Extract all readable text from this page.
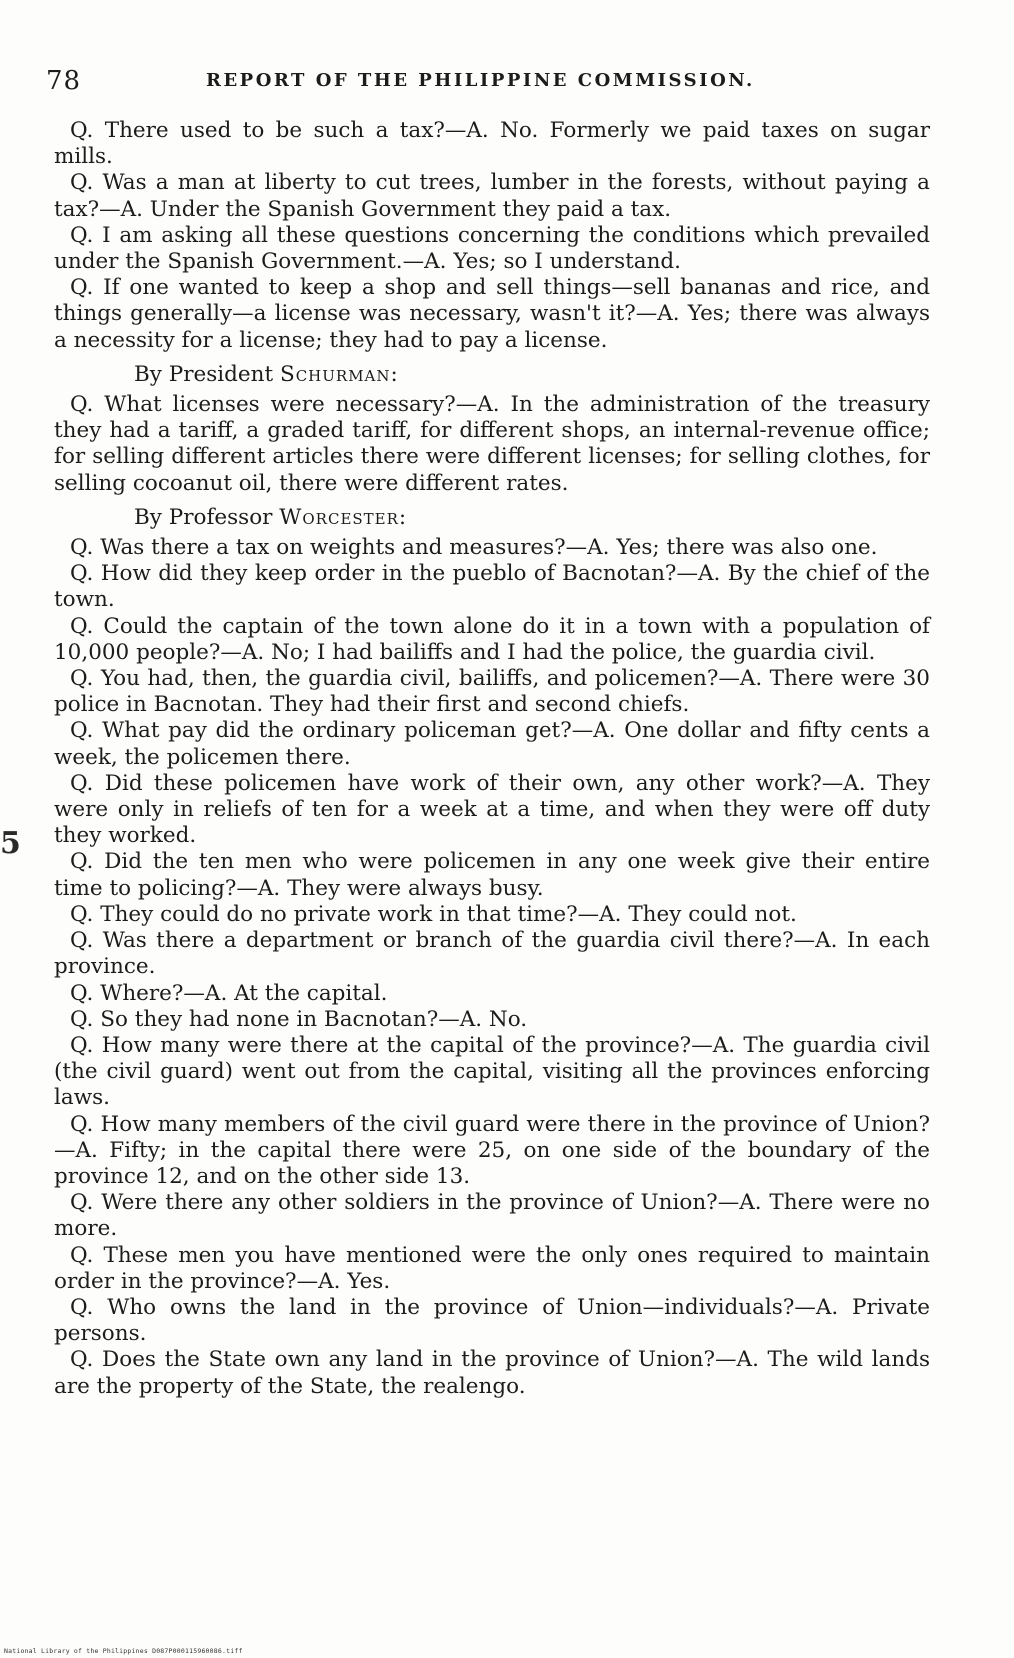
78	REPORT OF THE PHILIPPINE COMMISSION.
5

Q. There used to be such a tax?—A. No. Formerly we paid taxes on sugar mills.

Q. Was a man at liberty to cut trees, lumber in the forests, without paying a tax?—A. Under the Spanish Government they paid a tax.

Q. I am asking all these questions concerning the conditions which prevailed under the Spanish Government.—A. Yes; so I understand.

Q. If one wanted to keep a shop and sell things—sell bananas and rice, and things generally—a license was necessary, wasn't it?—A. Yes; there was always a necessity for a license; they had to pay a license.

By President Schurman:

Q. What licenses were necessary?—A. In the administration of the treasury they had a tariff, a graded tariff, for different shops, an internal-revenue office; for selling different articles there were different licenses; for selling clothes, for selling cocoanut oil, there were different rates.

By Professor Worcester:

Q. Was there a tax on weights and measures?—A. Yes; there was also one.

Q. How did they keep order in the pueblo of Bacnotan?—A. By the chief of the town.

Q. Could the captain of the town alone do it in a town with a population of 10,000 people?—A. No; I had bailiffs and I had the police, the guardia civil.

Q. You had, then, the guardia civil, bailiffs, and policemen?—A. There were 30 police in Bacnotan. They had their first and second chiefs.

Q. What pay did the ordinary policeman get?—A. One dollar and fifty cents a week, the policemen there.

Q. Did these policemen have work of their own, any other work?—A. They were only in reliefs of ten for a week at a time, and when they were off duty they worked.

Q. Did the ten men who were policemen in any one week give their entire time to policing?—A. They were always busy.

Q. They could do no private work in that time?—A. They could not.

Q. Was there a department or branch of the guardia civil there?—A. In each province.

Q. Where?—A. At the capital.

Q. So they had none in Bacnotan?—A. No.

Q. How many were there at the capital of the province?—A. The guardia civil (the civil guard) went out from the capital, visiting all the provinces enforcing laws.

Q. How many members of the civil guard were there in the province of Union?—A. Fifty; in the capital there were 25, on one side of the boundary of the province 12, and on the other side 13.

Q. Were there any other soldiers in the province of Union?—A. There were no more.

Q. These men you have mentioned were the only ones required to maintain order in the province?—A. Yes.

Q. Who owns the land in the province of Union—individuals?—A. Private persons.

Q. Does the State own any land in the province of Union?—A. The wild lands are the property of the State, the realengo.

National Library of the Philippines D087P000115960086.tiff
